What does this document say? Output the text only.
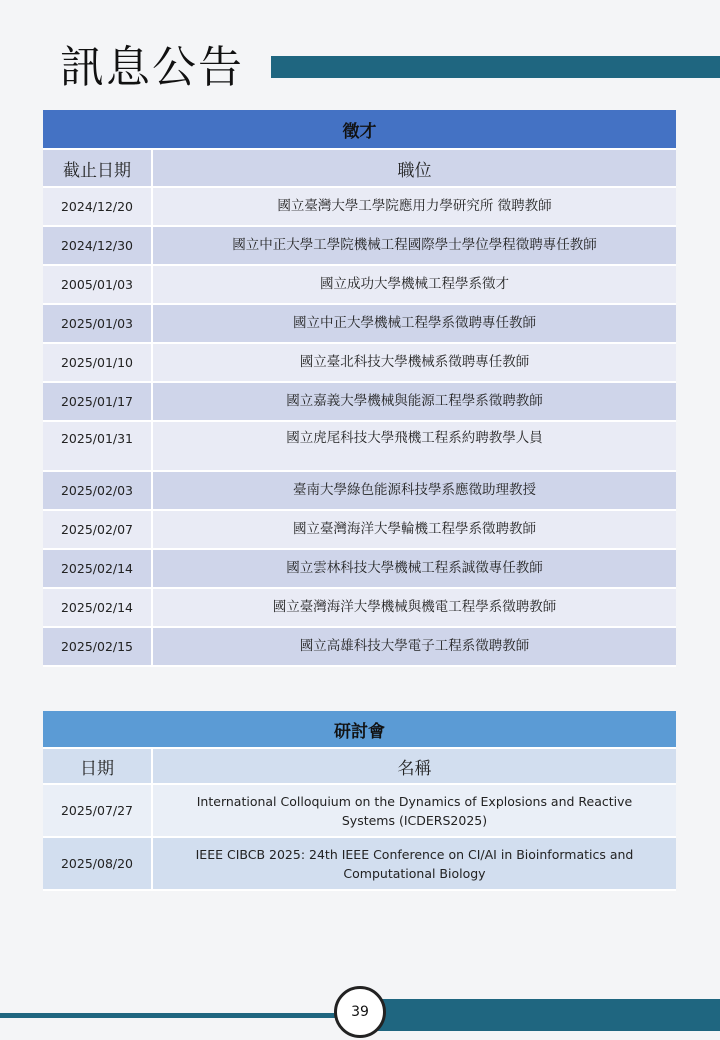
訊息公告
徵才	
截止日期	職位
2024/12/20	國立臺灣大學工學院應用力學研究所 徵聘教師
2024/12/30	國立中正大學工學院機械工程國際學士學位學程徵聘專任教師
2005/01/03	國立成功大學機械工程學系徵才
2025/01/03	國立中正大學機械工程學系徵聘專任教師
2025/01/10	國立臺北科技大學機械系徵聘專任教師
2025/01/17	國立嘉義大學機械與能源工程學系徵聘教師
2025/01/31	國立虎尾科技大學飛機工程系約聘教學人員
2025/02/03	臺南大學綠色能源科技學系應徵助理教授
2025/02/07	國立臺灣海洋大學輪機工程學系徵聘教師
2025/02/14	國立雲林科技大學機械工程系誠徵專任教師
2025/02/14	國立臺灣海洋大學機械與機電工程學系徵聘教師
2025/02/15	國立高雄科技大學電子工程系徵聘教師
研討會	
日期	名稱
2025/07/27	International Colloquium on the Dynamics of Explosions and Reactive Systems (ICDERS2025)
2025/08/20	IEEE CIBCB 2025: 24th IEEE Conference on CI/AI in Bioinformatics and Computational Biology
39
